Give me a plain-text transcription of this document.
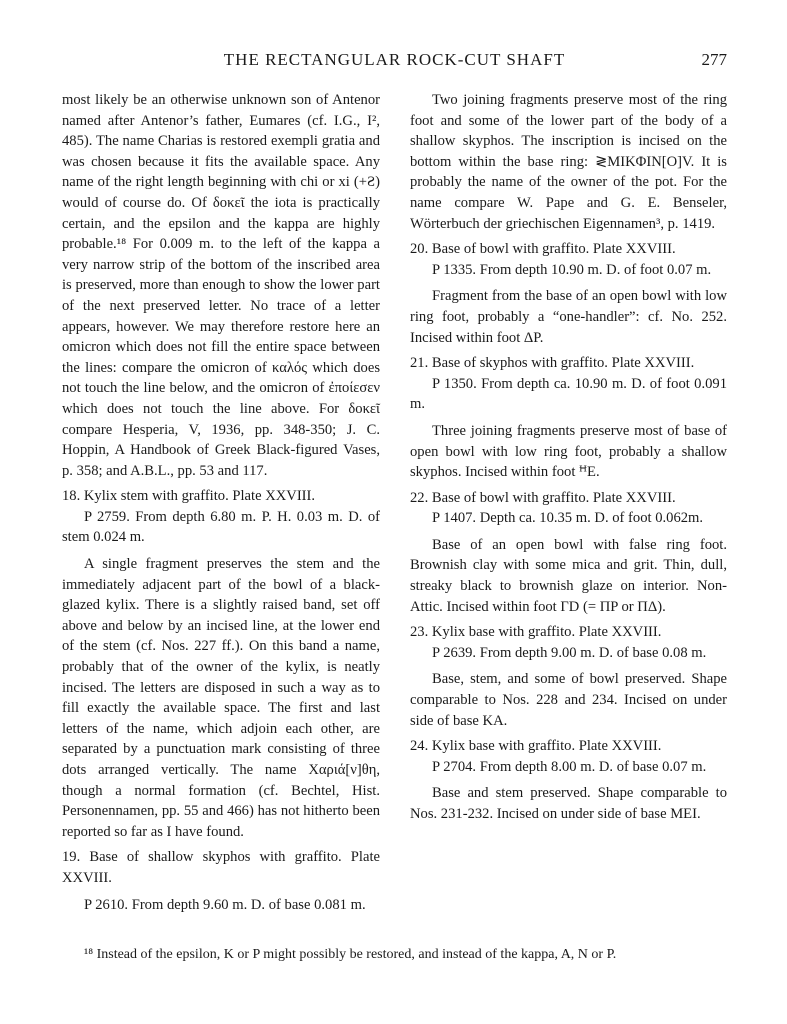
THE RECTANGULAR ROCK-CUT SHAFT	277

most likely be an otherwise unknown son of Antenor named after Antenor’s father, Eumares (cf. I.G., I², 485). The name Charias is restored exempli gratia and was chosen because it fits the available space. Any name of the right length beginning with chi or xi (+Ƨ) would of course do. Of δοκεῖ the iota is practically certain, and the epsilon and the kappa are highly probable.¹⁸ For 0.009 m. to the left of the kappa a very narrow strip of the bottom of the inscribed area is preserved, more than enough to show the lower part of the next preserved letter. No trace of a letter appears, however. We may therefore restore here an omicron which does not fill the entire space between the lines: compare the omicron of καλός which does not touch the line below, and the omicron of ἐποίεσεν which does not touch the line above. For δοκεῖ compare Hesperia, V, 1936, pp. 348-350; J. C. Hoppin, A Handbook of Greek Black-figured Vases, p. 358; and A.B.L., pp. 53 and 117.

18. Kylix stem with graffito. Plate XXVIII.

P 2759. From depth 6.80 m. P. H. 0.03 m. D. of stem 0.024 m.

A single fragment preserves the stem and the immediately adjacent part of the bowl of a black-glazed kylix. There is a slightly raised band, set off above and below by an incised line, at the lower end of the stem (cf. Nos. 227 ff.). On this band a name, probably that of the owner of the kylix, is neatly incised. The letters are disposed in such a way as to fill exactly the available space. The first and last letters of the name, which adjoin each other, are separated by a punctuation mark consisting of three dots arranged vertically. The name Χαριά[ν]θη, though a normal formation (cf. Bechtel, Hist. Personennamen, pp. 55 and 466) has not hitherto been reported so far as I have found.

19. Base of shallow skyphos with graffito. Plate XXVIII.

P 2610. From depth 9.60 m. D. of base 0.081 m.

Two joining fragments preserve most of the ring foot and some of the lower part of the body of a shallow skyphos. The inscription is incised on the bottom within the base ring: ≷MIKΦIN[O]V. It is probably the name of the owner of the pot. For the name compare W. Pape and G. E. Benseler, Wörterbuch der griechischen Eigennamen³, p. 1419.

20. Base of bowl with graffito. Plate XXVIII.

P 1335. From depth 10.90 m. D. of foot 0.07 m.

Fragment from the base of an open bowl with low ring foot, probably a “one-handler”: cf. No. 252. Incised within foot ΔP.

21. Base of skyphos with graffito. Plate XXVIII.

P 1350. From depth ca. 10.90 m. D. of foot 0.091 m.

Three joining fragments preserve most of base of open bowl with low ring foot, probably a shallow skyphos. Incised within foot ꟸE.

22. Base of bowl with graffito. Plate XXVIII.

P 1407. Depth ca. 10.35 m. D. of foot 0.062m.

Base of an open bowl with false ring foot. Brownish clay with some mica and grit. Thin, dull, streaky black to brownish glaze on interior. Non-Attic. Incised within foot ΓD (= ΠP or ΠΔ).

23. Kylix base with graffito. Plate XXVIII.

P 2639. From depth 9.00 m. D. of base 0.08 m.

Base, stem, and some of bowl preserved. Shape comparable to Nos. 228 and 234. Incised on under side of base KA.

24. Kylix base with graffito. Plate XXVIII.

P 2704. From depth 8.00 m. D. of base 0.07 m.

Base and stem preserved. Shape comparable to Nos. 231-232. Incised on under side of base MEI.

¹⁸ Instead of the epsilon, K or P might possibly be restored, and instead of the kappa, A, N or P.
